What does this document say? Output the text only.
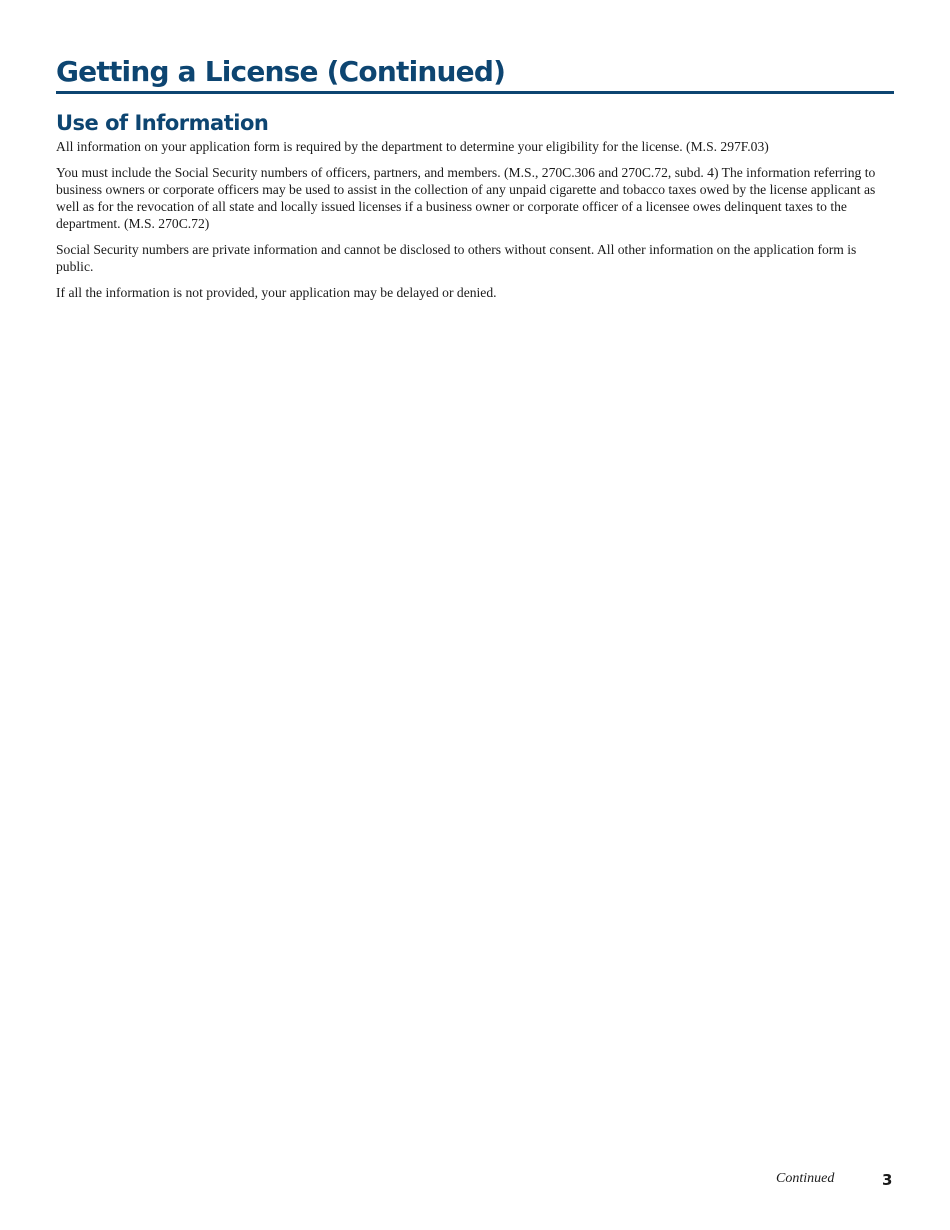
Getting a License (Continued)
Use of Information

All information on your application form is required by the department to determine your eligibility for the license. (M.S. 297F.03)

You must include the Social Security numbers of officers, partners, and members. (M.S., 270C.306 and 270C.72, subd. 4) The information referring to business owners or corporate officers may be used to assist in the collection of any unpaid cigarette and tobacco taxes owed by the license applicant as well as for the revocation of all state and locally issued licenses if a business owner or corporate officer of a licensee owes delinquent taxes to the department. (M.S. 270C.72)

Social Security numbers are private information and cannot be disclosed to others without consent. All other information on the application form is public.

If all the information is not provided, your application may be delayed or denied.

Continued	3
